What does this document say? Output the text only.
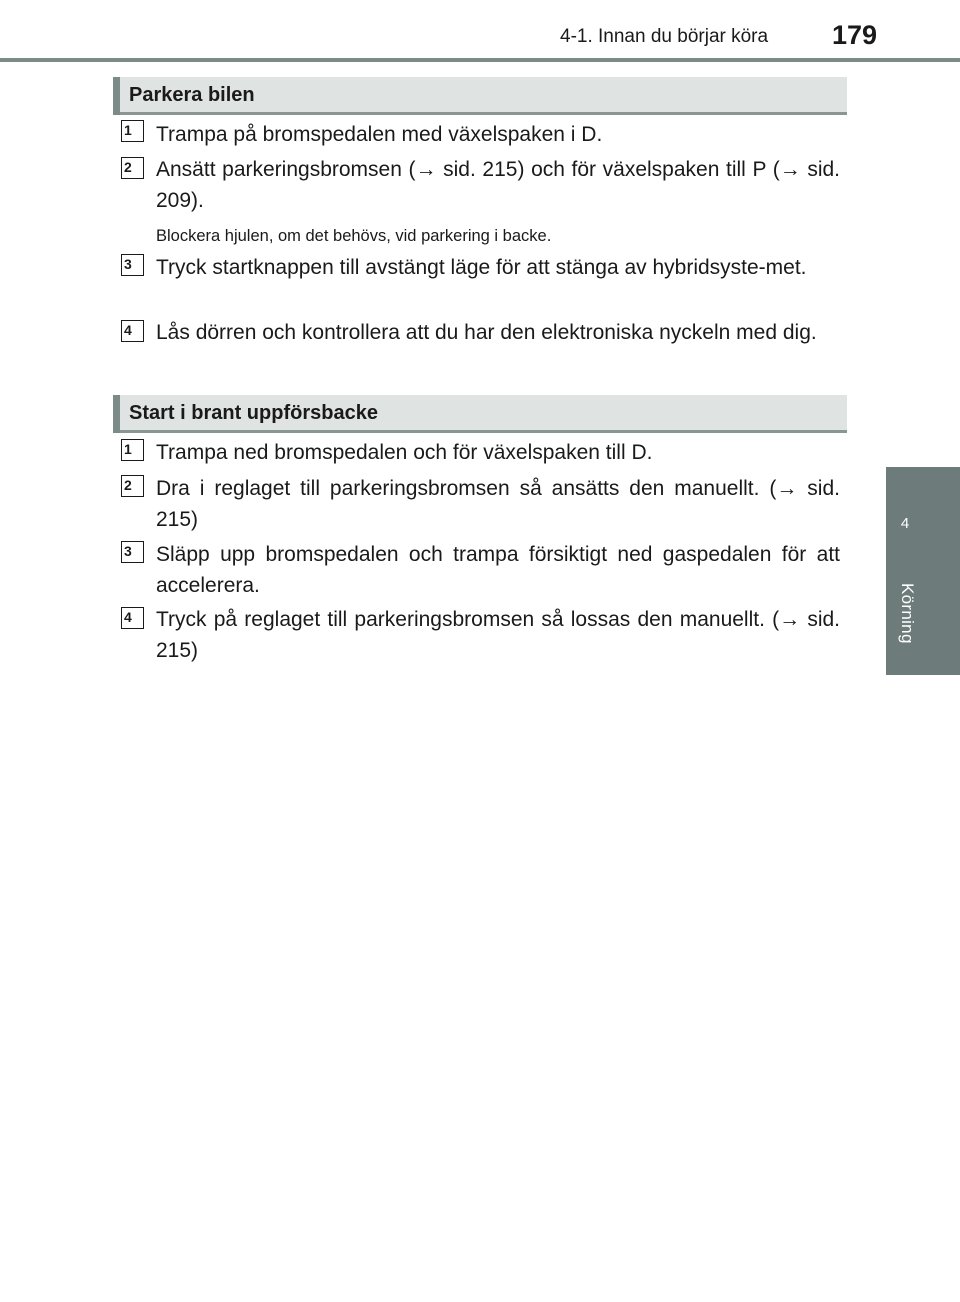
4-1. Innan du börjar köra 179
4
Körning
Parkera bilen
1	Trampa på bromspedalen med växelspaken i D.
2	Ansätt parkeringsbromsen (→ sid. 215) och för växelspaken till P (→ sid. 209).
Blockera hjulen, om det behövs, vid parkering i backe.
3	Tryck startknappen till avstängt läge för att stänga av hybridsyste-met.
4	Lås dörren och kontrollera att du har den elektroniska nyckeln med dig.
Start i brant uppförsbacke
1	Trampa ned bromspedalen och för växelspaken till D.
2	Dra i reglaget till parkeringsbromsen så ansätts den manuellt. (→ sid. 215)
3	Släpp upp bromspedalen och trampa försiktigt ned gaspedalen för att accelerera.
4	Tryck på reglaget till parkeringsbromsen så lossas den manuellt. (→ sid. 215)
